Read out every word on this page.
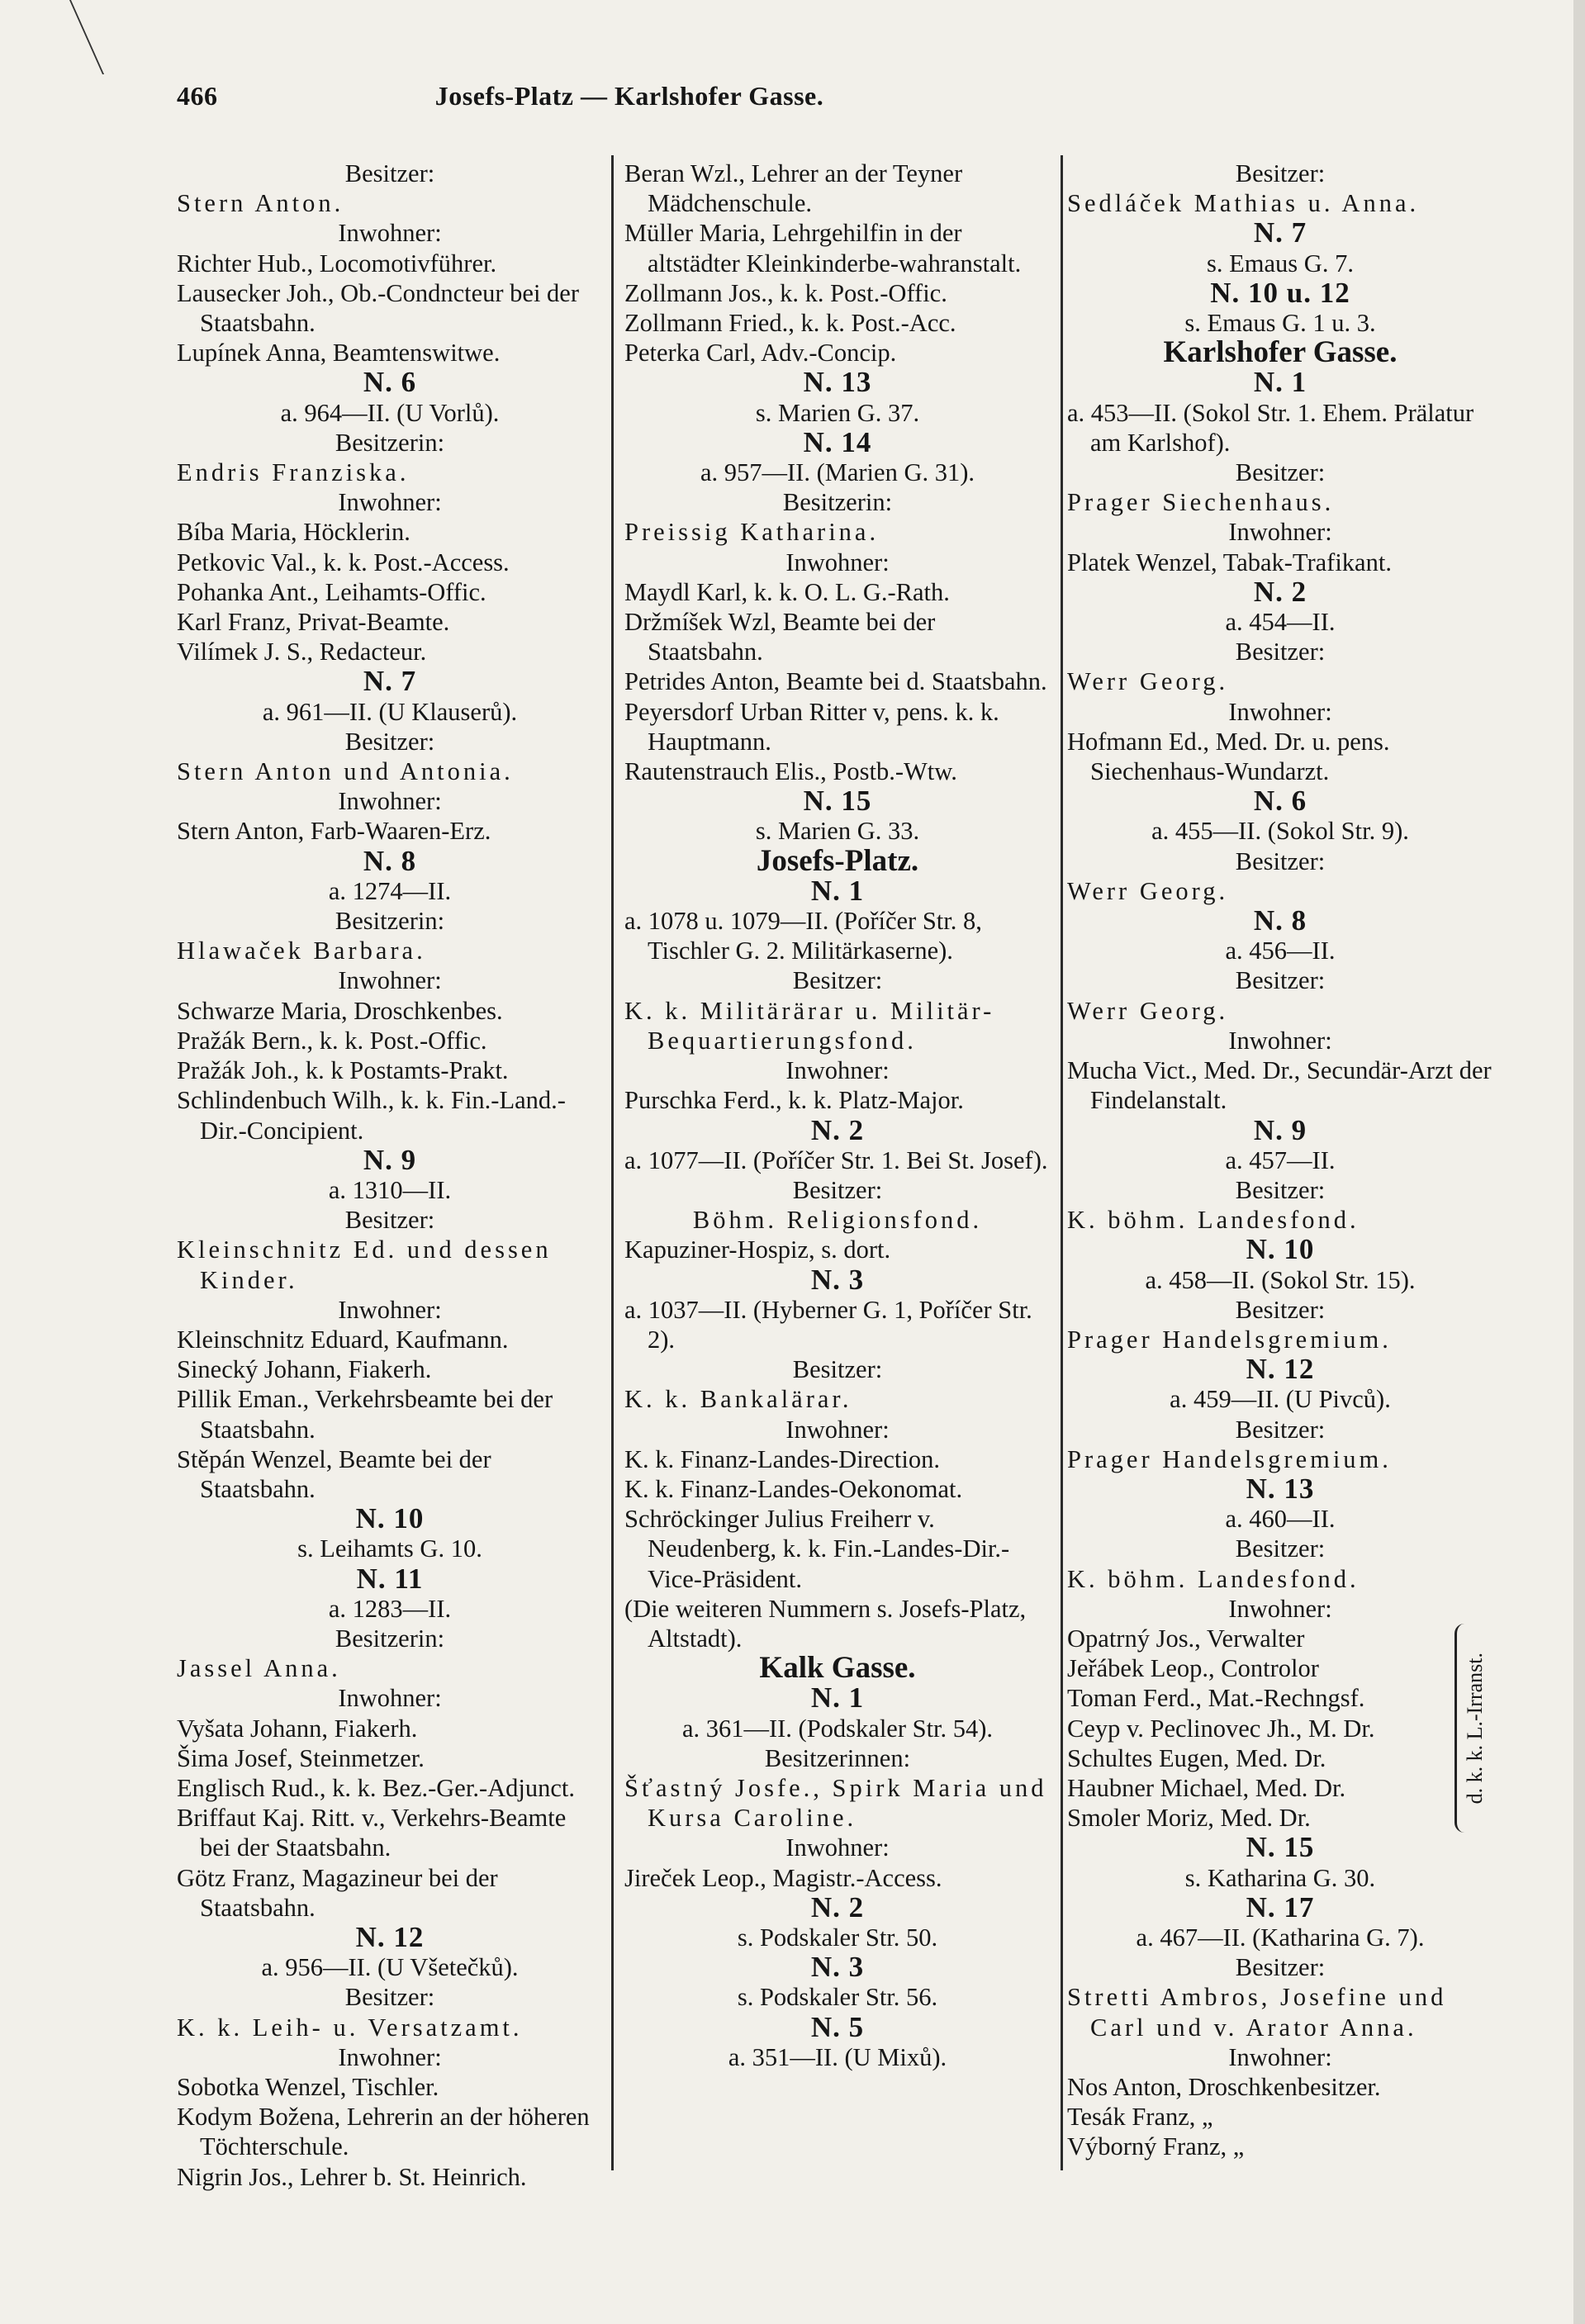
466	Josefs-Platz — Karlshofer Gasse.
Besitzer:
Stern Anton.
Inwohner:
Richter Hub., Locomotivführer.
Lausecker Joh., Ob.-Condncteur bei der Staatsbahn.
Lupínek Anna, Beamtenswitwe.
N. 6
a. 964—II. (U Vorlů).
Besitzerin:
Endris Franziska.
Inwohner:
Bíba Maria, Höcklerin.
Petkovic Val., k. k. Post.-Access.
Pohanka Ant., Leihamts-Offic.
Karl Franz, Privat-Beamte.
Vilímek J. S., Redacteur.
N. 7
a. 961—II. (U Klauserů).
Besitzer:
Stern Anton und Antonia.
Inwohner:
Stern Anton, Farb-Waaren-Erz.
N. 8
a. 1274—II.
Besitzerin:
Hlawaček Barbara.
Inwohner:
Schwarze Maria, Droschkenbes.
Pražák Bern., k. k. Post.-Offic.
Pražák Joh., k. k Postamts-Prakt.
Schlindenbuch Wilh., k. k. Fin.-Land.-Dir.-Concipient.
N. 9
a. 1310—II.
Besitzer:
Kleinschnitz Ed. und dessen Kinder.
Inwohner:
Kleinschnitz Eduard, Kaufmann.
Sinecký Johann, Fiakerh.
Pillik Eman., Verkehrsbeamte bei der Staatsbahn.
Stěpán Wenzel, Beamte bei der Staatsbahn.
N. 10
s. Leihamts G. 10.
N. 11
a. 1283—II.
Besitzerin:
Jassel Anna.
Inwohner:
Vyšata Johann, Fiakerh.
Šima Josef, Steinmetzer.
Englisch Rud., k. k. Bez.-Ger.-Adjunct.
Briffaut Kaj. Ritt. v., Verkehrs-Beamte bei der Staatsbahn.
Götz Franz, Magazineur bei der Staatsbahn.
N. 12
a. 956—II. (U Všetečků).
Besitzer:
K. k. Leih- u. Versatzamt.
Inwohner:
Sobotka Wenzel, Tischler.
Kodym Božena, Lehrerin an der höheren Töchterschule.
Nigrin Jos., Lehrer b. St. Heinrich.
Beran Wzl., Lehrer an der Teyner Mädchenschule.
Müller Maria, Lehrgehilfin in der altstädter Kleinkinderbe-wahranstalt.
Zollmann Jos., k. k. Post.-Offic.
Zollmann Fried., k. k. Post.-Acc.
Peterka Carl, Adv.-Concip.
N. 13
s. Marien G. 37.
N. 14
a. 957—II. (Marien G. 31).
Besitzerin:
Preissig Katharina.
Inwohner:
Maydl Karl, k. k. O. L. G.-Rath.
Držmíšek Wzl, Beamte bei der Staatsbahn.
Petrides Anton, Beamte bei d. Staatsbahn.
Peyersdorf Urban Ritter v, pens. k. k. Hauptmann.
Rautenstrauch Elis., Postb.-Wtw.
N. 15
s. Marien G. 33.
Josefs-Platz.
N. 1
a. 1078 u. 1079—II. (Poříčer Str. 8, Tischler G. 2. Militärkaserne).
Besitzer:
K. k. Militärärar u. Militär-Bequartierungsfond.
Inwohner:
Purschka Ferd., k. k. Platz-Major.
N. 2
a. 1077—II. (Poříčer Str. 1. Bei St. Josef).
Besitzer:
Böhm. Religionsfond.
Kapuziner-Hospiz, s. dort.
N. 3
a. 1037—II. (Hyberner G. 1, Poříčer Str. 2).
Besitzer:
K. k. Bankalärar.
Inwohner:
K. k. Finanz-Landes-Direction.
K. k. Finanz-Landes-Oekonomat.
Schröckinger Julius Freiherr v. Neudenberg, k. k. Fin.-Landes-Dir.-Vice-Präsident.
(Die weiteren Nummern s. Josefs-Platz, Altstadt).
Kalk Gasse.
N. 1
a. 361—II. (Podskaler Str. 54).
Besitzerinnen:
Šťastný Josfe., Spirk Maria und Kursa Caroline.
Inwohner:
Jireček Leop., Magistr.-Access.
N. 2
s. Podskaler Str. 50.
N. 3
s. Podskaler Str. 56.
N. 5
a. 351—II. (U Mixů).
Besitzer:
Sedláček Mathias u. Anna.
N. 7
s. Emaus G. 7.
N. 10 u. 12
s. Emaus G. 1 u. 3.
Karlshofer Gasse.
N. 1
a. 453—II. (Sokol Str. 1. Ehem. Prälatur am Karlshof).
Besitzer:
Prager Siechenhaus.
Inwohner:
Platek Wenzel, Tabak-Trafikant.
N. 2
a. 454—II.
Besitzer:
Werr Georg.
Inwohner:
Hofmann Ed., Med. Dr. u. pens. Siechenhaus-Wundarzt.
N. 6
a. 455—II. (Sokol Str. 9).
Besitzer:
Werr Georg.
N. 8
a. 456—II.
Besitzer:
Werr Georg.
Inwohner:
Mucha Vict., Med. Dr., Secundär-Arzt der Findelanstalt.
N. 9
a. 457—II.
Besitzer:
K. böhm. Landesfond.
N. 10
a. 458—II. (Sokol Str. 15).
Besitzer:
Prager Handelsgremium.
N. 12
a. 459—II. (U Pivců).
Besitzer:
Prager Handelsgremium.
N. 13
a. 460—II.
Besitzer:
K. böhm. Landesfond.
Inwohner:
Opatrný Jos., Verwalter
Jeřábek Leop., Controlor
Toman Ferd., Mat.-Rechngsf.
Ceyp v. Peclinovec Jh., M. Dr.
Schultes Eugen, Med. Dr.
Haubner Michael, Med. Dr.
Smoler Moriz, Med. Dr.
d. k. k. L.-Irranst.
N. 15
s. Katharina G. 30.
N. 17
a. 467—II. (Katharina G. 7).
Besitzer:
Stretti Ambros, Josefine und Carl und v. Arator Anna.
Inwohner:
Nos Anton, Droschkenbesitzer.
Tesák Franz, „
Výborný Franz, „
